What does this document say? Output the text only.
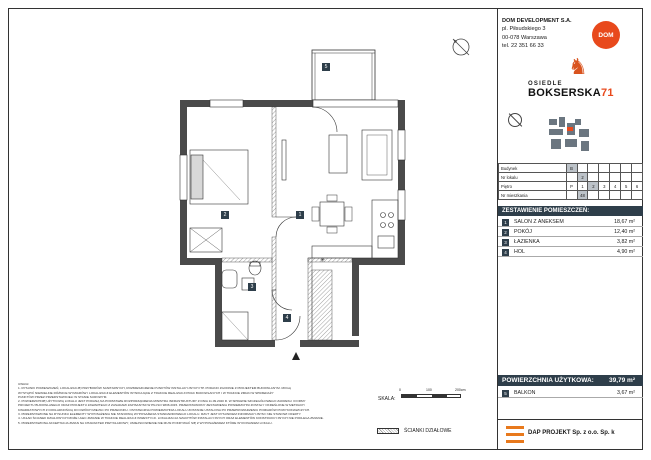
✳
5
1
2
3
4
DOM DEVELOPMENT S.A.
pl. Piłsudskiego 3
00-078 Warszawa
tel. 22 351 66 33
DOM
♞
OSIEDLE
BOKSERSKA71
Budynek	B						
Nr lokalu		2					
Piętro	P	1	2	3	4	5	6
Nr mieszkania		48					
ZESTAWIENIE POMIESZCZEŃ:
1	SALON Z ANEKSEM	18,67 m²
2	POKÓJ	12,40 m²
3	ŁAZIENKA	3,82 m²
4	HOL	4,90 m²
POWIERZCHNIA UŻYTKOWA: 39,79 m²
5	BALKON	3,67 m²
DAP PROJEKT Sp. z o.o. Sp. k
UWAGI:
1. RYSUNKI POMIESZCZEŃ, LOKALIZACJĘ PRZYBORÓW SANITARNYCH, ROZMIESZCZENIE PUNKTÓW INSTALACYJNYCH ITP. PODANO ZGODNIE Z PROJEKTEM BUDOWLANYM. MOGĄ
WYSTĄPIĆ NIEWIELKIE RÓŻNICE WYMIARÓW I LOKALIZACJI ELEMENTÓW WYNIKAJĄCE Z TRAKCIE REALIZACJI PRAC BUDOWLANYCH I W TRAKCIE ZMIAN W SPRZEDAŻY
PUNKTÓW PRZEZ PRZEDSTAWICIELI W STANIE SUROWYM.
2. POWIERZCHNIĘ UŻYTKOWĄ LOKALU JEST PODANĄ NA PODSTAWIE ROZPORZĄDZENIA MINISTRA INFRASTRUKTURY Z DNIA 11.09.2020 R. W SPRAWIE SZCZEGÓŁOWEGO ZAKRESU I FORMY
PROJEKTU BUDOWLANEGO ORAZ PROJEKTU ZAWARTEGO Z ZASADAMI ZAPISANYMI W PN-ISO 9836:2015. PRZEDSTAWIONY ZESTAWIENIA POWIERZCHNI ZOSTAŁY OKREŚLONE W METRACH
KWADRATOWYCH Z DOKŁADNOŚCIĄ DO DWÓCH MIEJSC PO PRZECINKU. OSTATECZNA POWIERZCHNIA LOKALU ZOSTANIE USTALONA PO PRZEPROWADZENIU POMIARÓW POWYKONAWCZYCH.
3. PRZEDSTAWIONE NA RYSUNKU ELEMENTY WYPOSAŻENIA NIE STANOWIĄ WYPOSAŻENIA STANDARDOWEGO LOKALU. RZUT JEST RYSUNKIEM INFORMACYJNYM I NIE STANOWI OFERTY.
4. UKŁAD ŚCIANEK DZIAŁOWYCH MOŻE ULEC ZMIANIE W TRAKCIE REALIZACJI INWESTYCJI. LOKALIZACJA SZACHTÓW INSTALACYJNYCH ORAZ ELEMENTÓW KONSTRUKCYJNYCH NIE PODLEGA ZMIANIE.
5. PRZEDSTAWIONA AKCEPTACJA ZMIAN NA CHARAKTER PRZYKŁADOWY, UMIEJSCOWIENIE NIE MUSI POKRYWAĆ SIĘ Z WYPOSAŻENIEM KTÓRE WYKONANIEM LOKALU.
SKALA:
0	100	200cm
ŚCIANKI DZIAŁOWE
